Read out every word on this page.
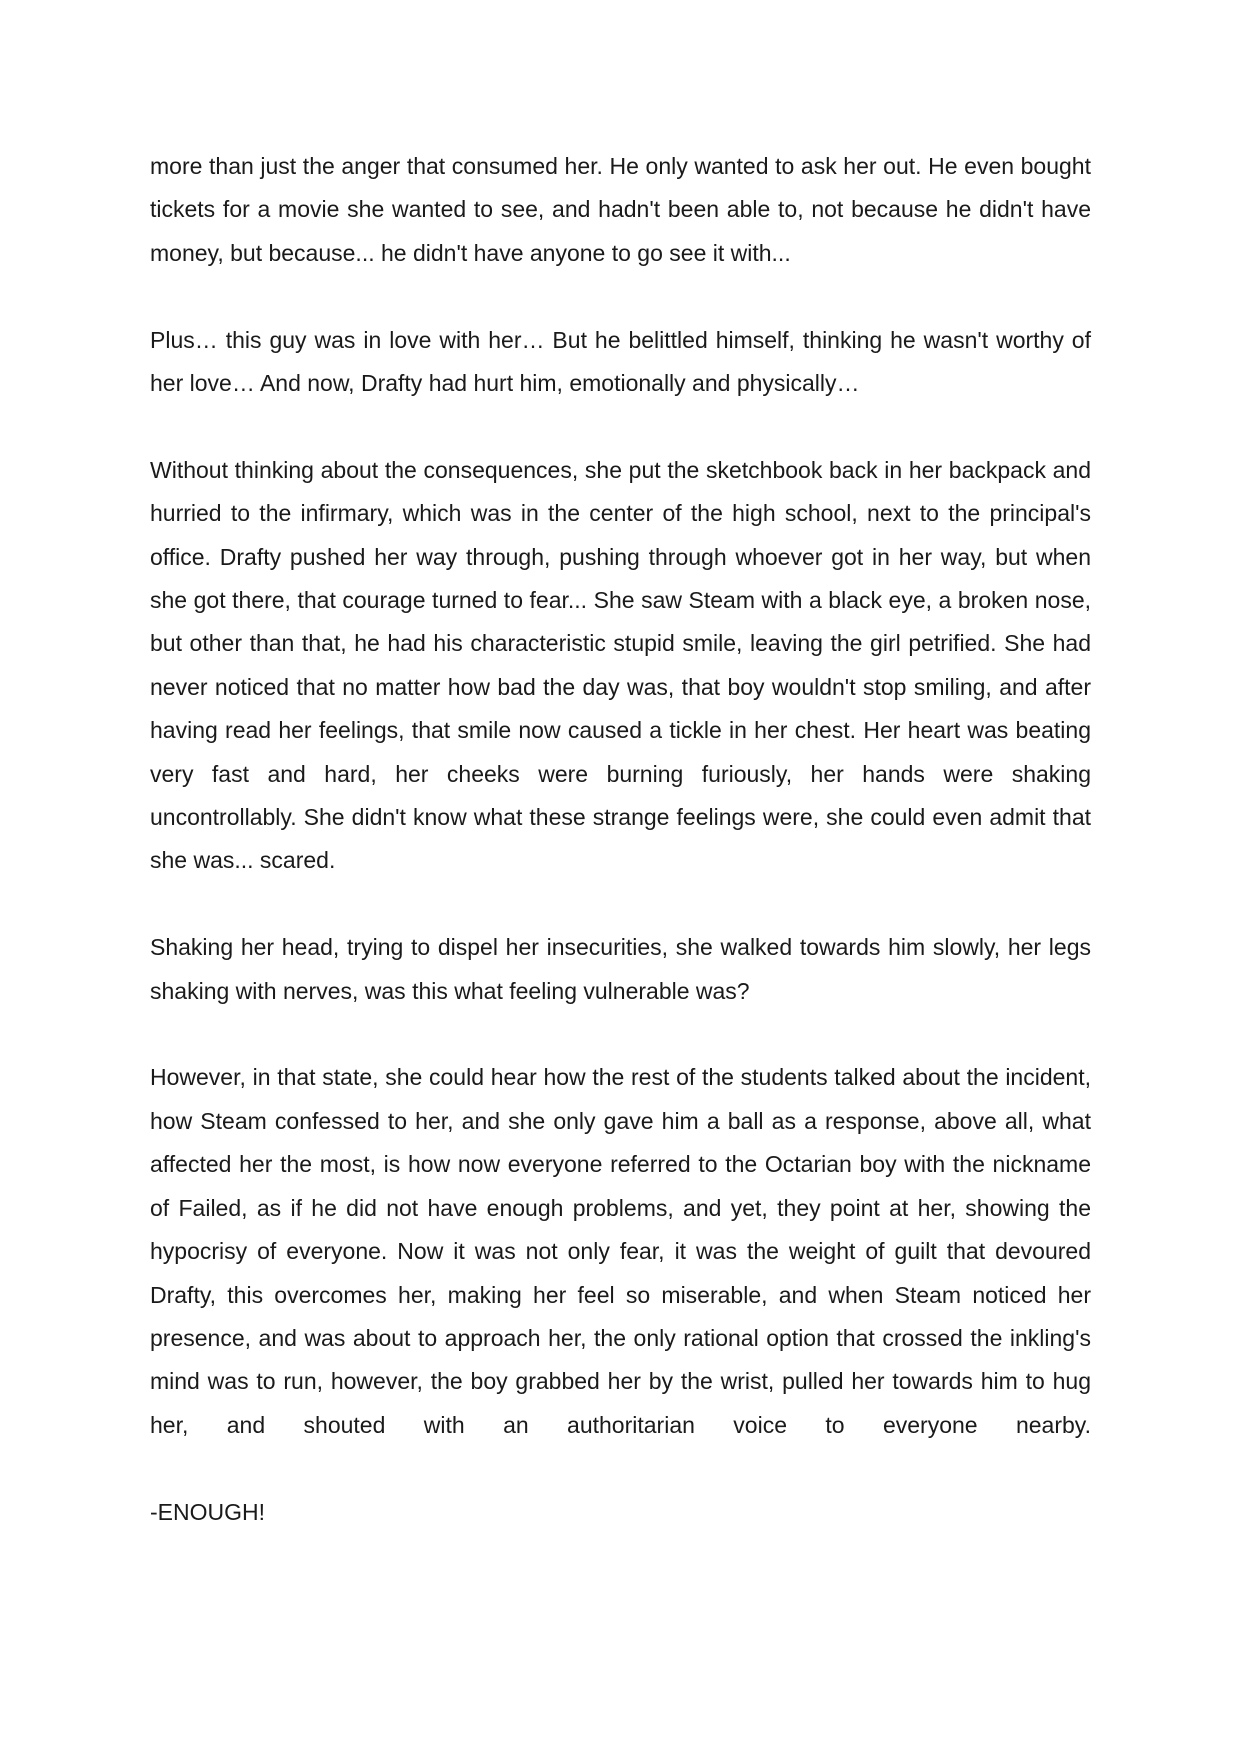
more than just the anger that consumed her. He only wanted to ask her out. He even bought tickets for a movie she wanted to see, and hadn't been able to, not because he didn't have money, but because... he didn't have anyone to go see it with...

Plus… this guy was in love with her… But he belittled himself, thinking he wasn't worthy of her love… And now, Drafty had hurt him, emotionally and physically…

Without thinking about the consequences, she put the sketchbook back in her backpack and hurried to the infirmary, which was in the center of the high school, next to the principal's office. Drafty pushed her way through, pushing through whoever got in her way, but when she got there, that courage turned to fear... She saw Steam with a black eye, a broken nose, but other than that, he had his characteristic stupid smile, leaving the girl petrified. She had never noticed that no matter how bad the day was, that boy wouldn't stop smiling, and after having read her feelings, that smile now caused a tickle in her chest. Her heart was beating very fast and hard, her cheeks were burning furiously, her hands were shaking uncontrollably. She didn't know what these strange feelings were, she could even admit that she was... scared.

Shaking her head, trying to dispel her insecurities, she walked towards him slowly, her legs shaking with nerves, was this what feeling vulnerable was?

However, in that state, she could hear how the rest of the students talked about the incident, how Steam confessed to her, and she only gave him a ball as a response, above all, what affected her the most, is how now everyone referred to the Octarian boy with the nickname of Failed, as if he did not have enough problems, and yet, they point at her, showing the hypocrisy of everyone. Now it was not only fear, it was the weight of guilt that devoured Drafty, this overcomes her, making her feel so miserable, and when Steam noticed her presence, and was about to approach her, the only rational option that crossed the inkling's mind was to run, however, the boy grabbed her by the wrist, pulled her towards him to hug her, and shouted with an authoritarian voice to everyone nearby.

-ENOUGH!
